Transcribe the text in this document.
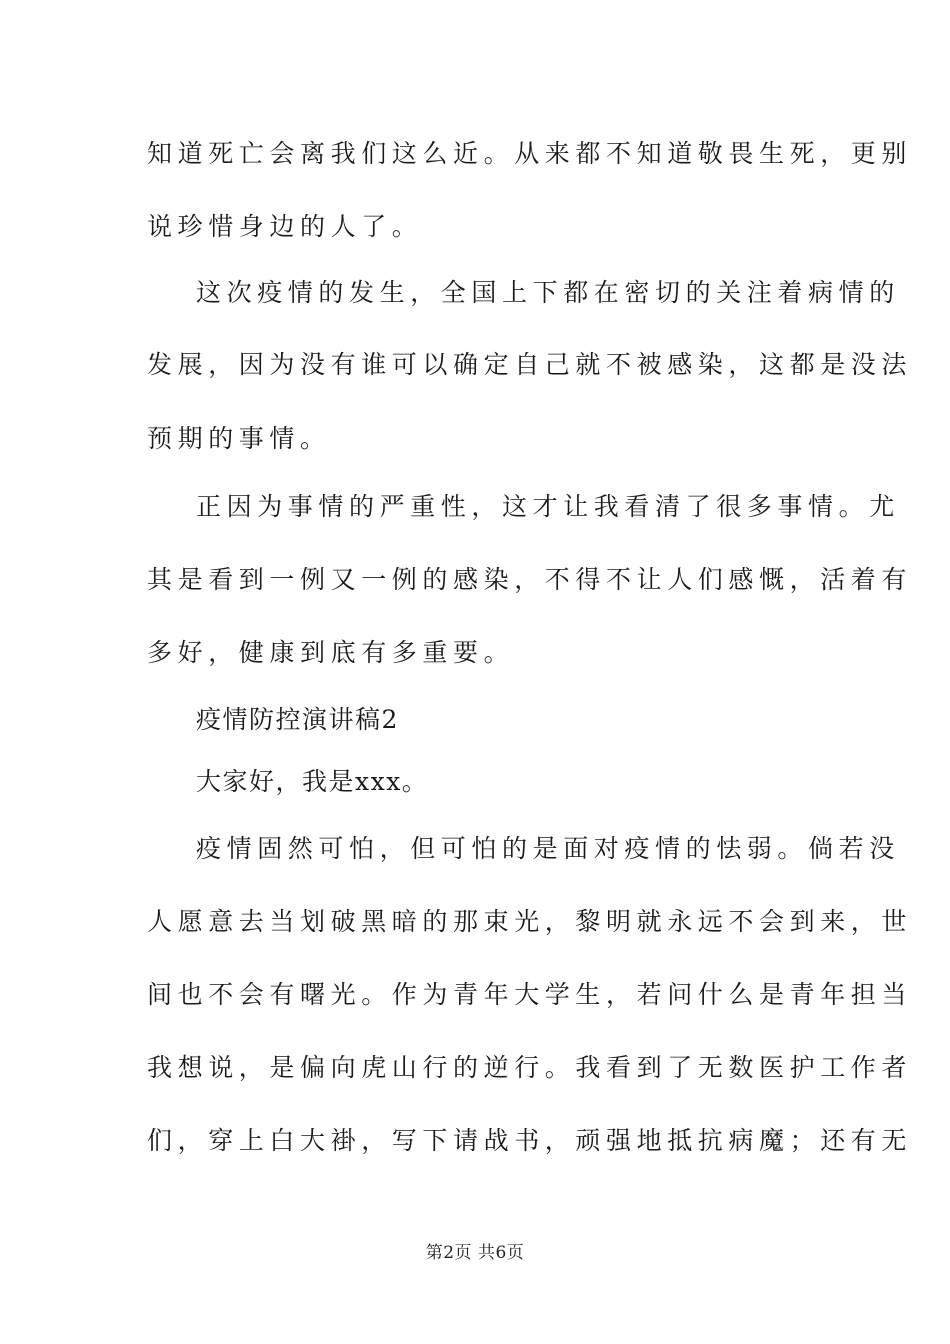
知道死亡会离我们这么近。从来都不知道敬畏生死，更别
说珍惜身边的人了。
这次疫情的发生，全国上下都在密切的关注着病情的
发展，因为没有谁可以确定自己就不被感染，这都是没法
预期的事情。
正因为事情的严重性，这才让我看清了很多事情。尤
其是看到一例又一例的感染，不得不让人们感慨，活着有
多好，健康到底有多重要。
疫情防控演讲稿2
大家好，我是xxx。
疫情固然可怕，但可怕的是面对疫情的怯弱。倘若没
人愿意去当划破黑暗的那束光，黎明就永远不会到来，世
间也不会有曙光。作为青年大学生，若问什么是青年担当
我想说，是偏向虎山行的逆行。我看到了无数医护工作者
们，穿上白大褂，写下请战书，顽强地抵抗病魔；还有无
第2页 共6页
